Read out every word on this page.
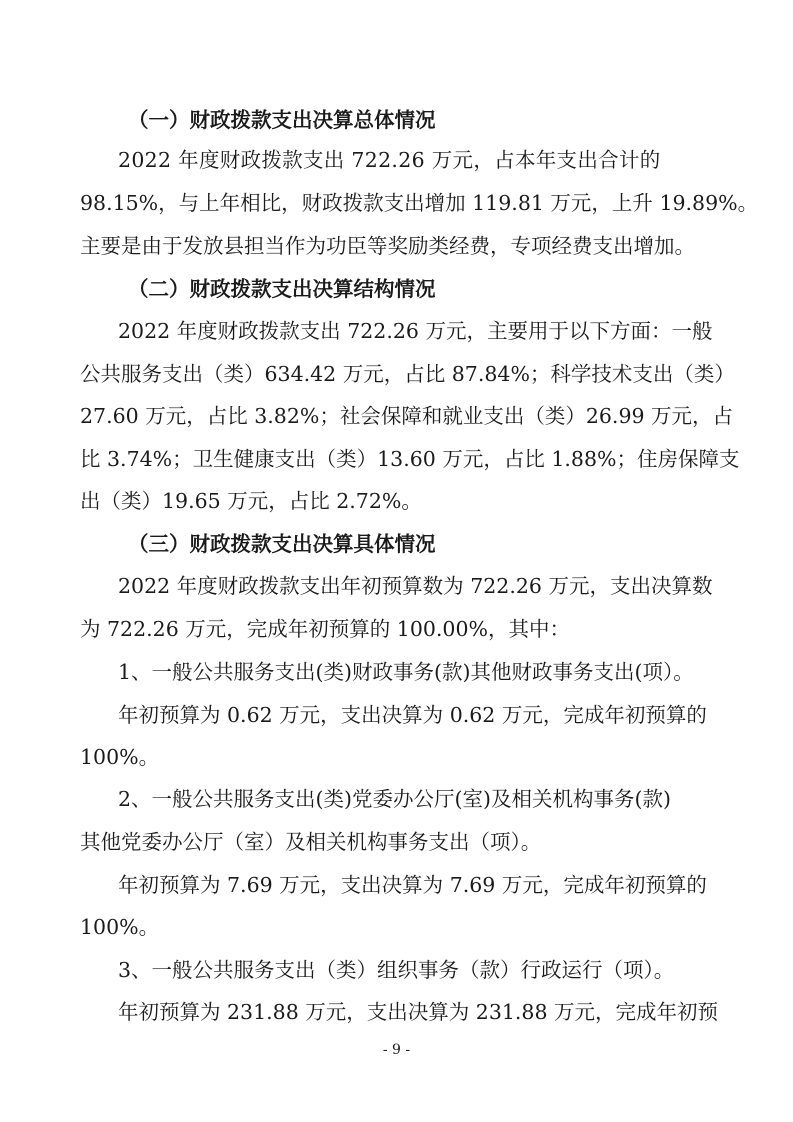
（一）财政拨款支出决算总体情况
2022 年度财政拨款支出 722.26 万元，占本年支出合计的
98.15%，与上年相比，财政拨款支出增加 119.81 万元，上升 19.89%。
主要是由于发放县担当作为功臣等奖励类经费，专项经费支出增加。
（二）财政拨款支出决算结构情况
2022 年度财政拨款支出 722.26 万元，主要用于以下方面：一般
公共服务支出（类）634.42 万元，占比 87.84%；科学技术支出（类）
27.60 万元，占比 3.82%；社会保障和就业支出（类）26.99 万元，占
比 3.74%；卫生健康支出（类）13.60 万元，占比 1.88%；住房保障支
出（类）19.65 万元，占比 2.72%。
（三）财政拨款支出决算具体情况
2022 年度财政拨款支出年初预算数为 722.26 万元，支出决算数
为 722.26 万元，完成年初预算的 100.00%，其中：
1、一般公共服务支出(类)财政事务(款)其他财政事务支出(项）。
年初预算为 0.62 万元，支出决算为 0.62 万元，完成年初预算的
100%。
2、一般公共服务支出(类)党委办公厅(室)及相关机构事务(款)
其他党委办公厅（室）及相关机构事务支出（项）。
年初预算为 7.69 万元，支出决算为 7.69 万元，完成年初预算的
100%。
3、一般公共服务支出（类）组织事务（款）行政运行（项）。
年初预算为 231.88 万元，支出决算为 231.88 万元，完成年初预
- 9 -
